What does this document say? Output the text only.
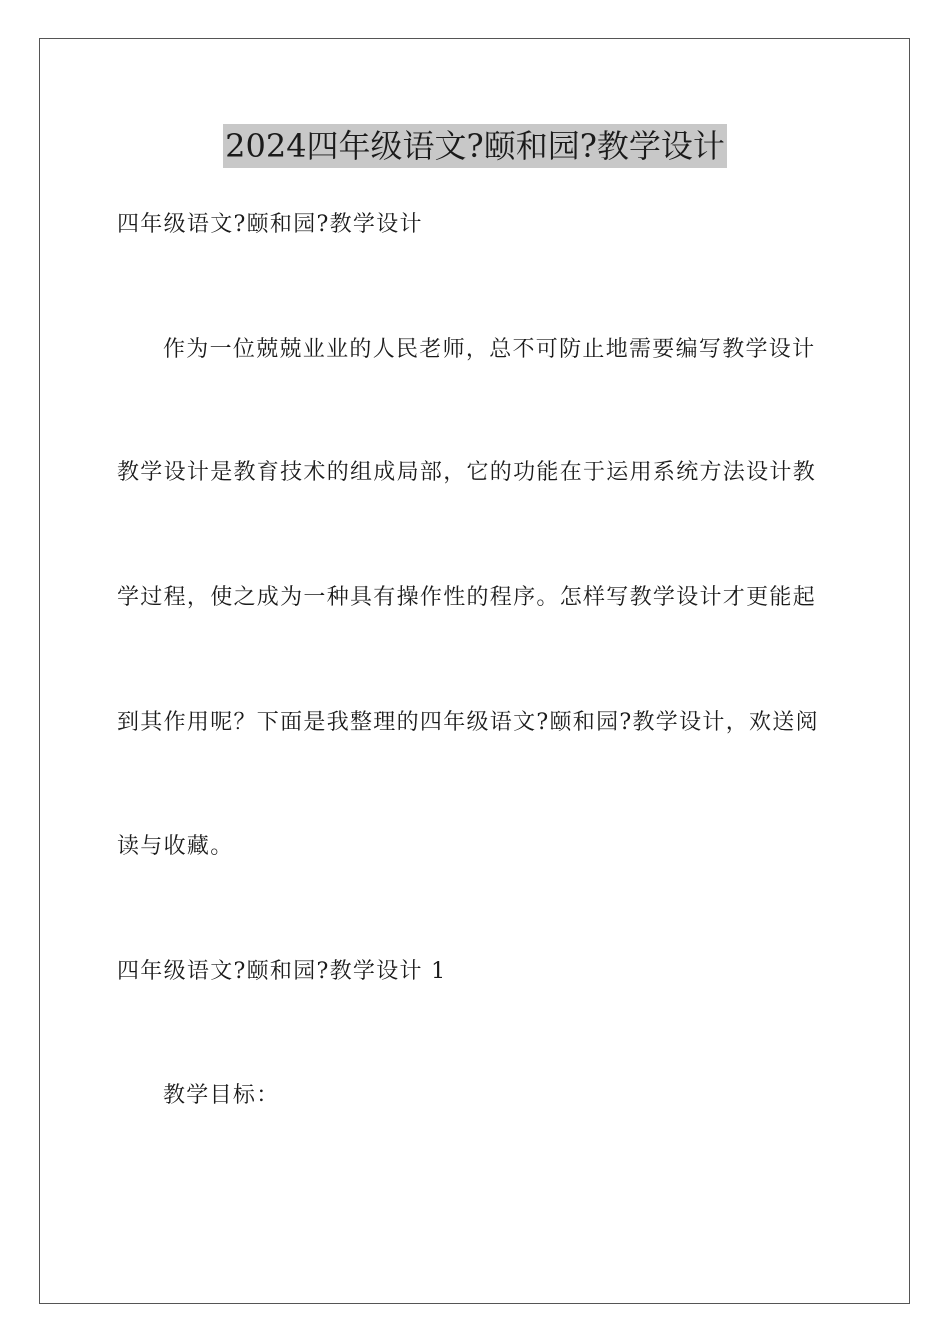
2024四年级语文?颐和园?教学设计
四年级语文?颐和园?教学设计
作为一位兢兢业业的人民老师，总不可防止地需要编写教学设计
教学设计是教育技术的组成局部，它的功能在于运用系统方法设计教
学过程，使之成为一种具有操作性的程序。怎样写教学设计才更能起
到其作用呢？下面是我整理的四年级语文?颐和园?教学设计，欢送阅
读与收藏。
四年级语文?颐和园?教学设计 1
教学目标：
